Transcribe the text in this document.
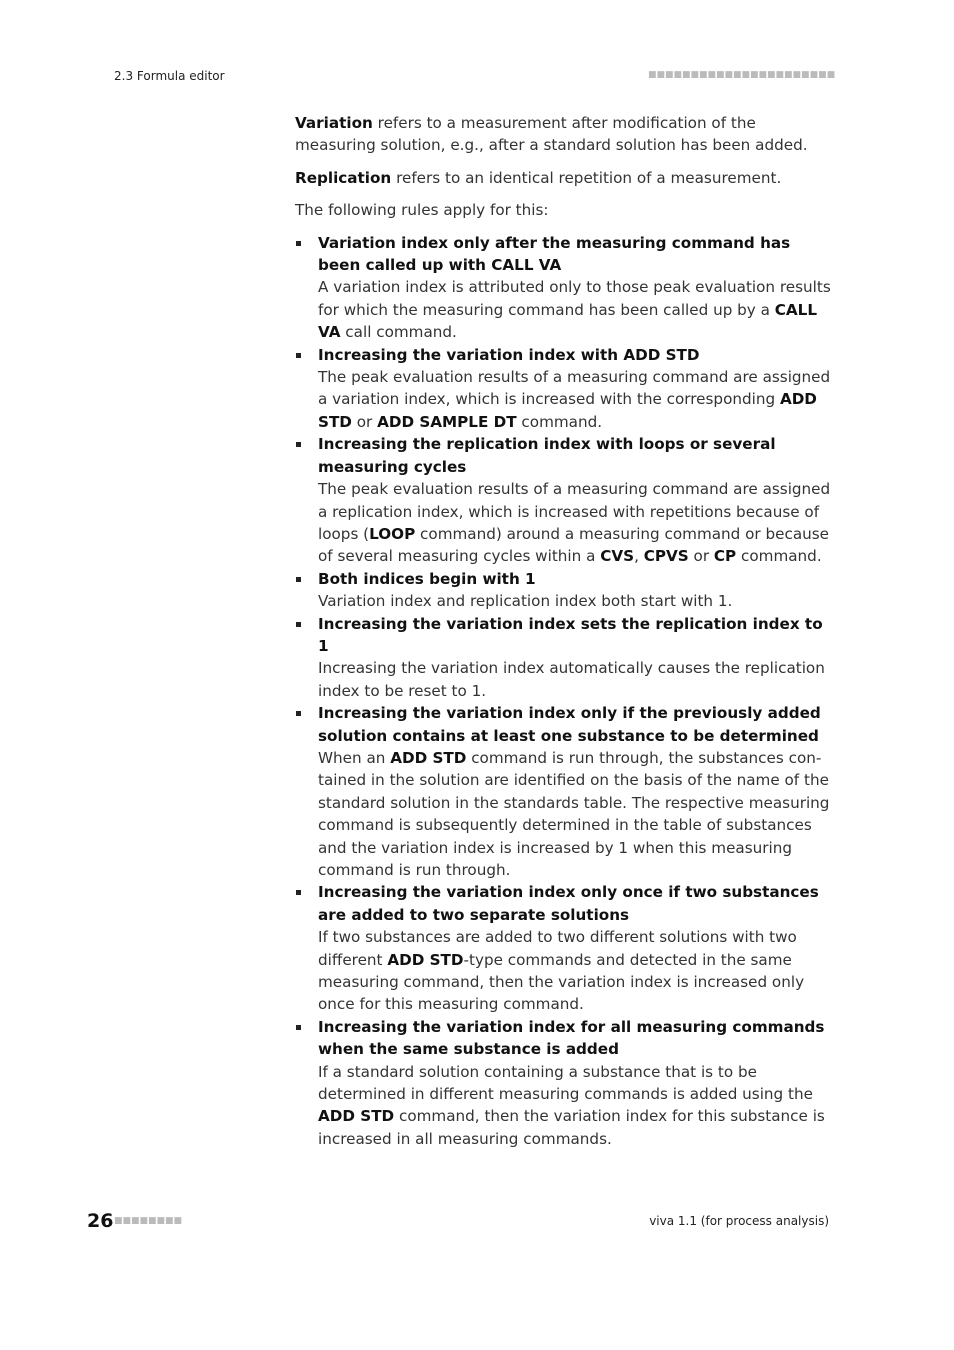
2.3 Formula editor	■■■■■■■■■■■■■■■■■■■■■■

Variation refers to a measurement after modification of the measuring solution, e.g., after a standard solution has been added.

Replication refers to an identical repetition of a measurement.

The following rules apply for this:

Variation index only after the measuring command has been called up with CALL VA
A variation index is attributed only to those peak evaluation results for which the measuring command has been called up by a CALL VA call command.
Increasing the variation index with ADD STD
The peak evaluation results of a measuring command are assigned a variation index, which is increased with the corresponding ADD STD or ADD SAMPLE DT command.
Increasing the replication index with loops or several measuring cycles
The peak evaluation results of a measuring command are assigned a replication index, which is increased with repetitions because of loops (LOOP command) around a measuring command or because of several measuring cycles within a CVS, CPVS or CP command.
Both indices begin with 1
Variation index and replication index both start with 1.
Increasing the variation index sets the replication index to 1
Increasing the variation index automatically causes the replication index to be reset to 1.
Increasing the variation index only if the previously added solution contains at least one substance to be determined
When an ADD STD command is run through, the substances contained in the solution are identified on the basis of the name of the standard solution in the standards table. The respective measuring command is subsequently determined in the table of substances and the variation index is increased by 1 when this measuring command is run through.
Increasing the variation index only once if two substances are added to two separate solutions
If two substances are added to two different solutions with two different ADD STD-type commands and detected in the same measuring command, then the variation index is increased only once for this measuring command.
Increasing the variation index for all measuring commands when the same substance is added
If a standard solution containing a substance that is to be determined in different measuring commands is added using the ADD STD command, then the variation index for this substance is increased in all measuring commands.
26 ■■■■■■■■	viva 1.1 (for process analysis)
